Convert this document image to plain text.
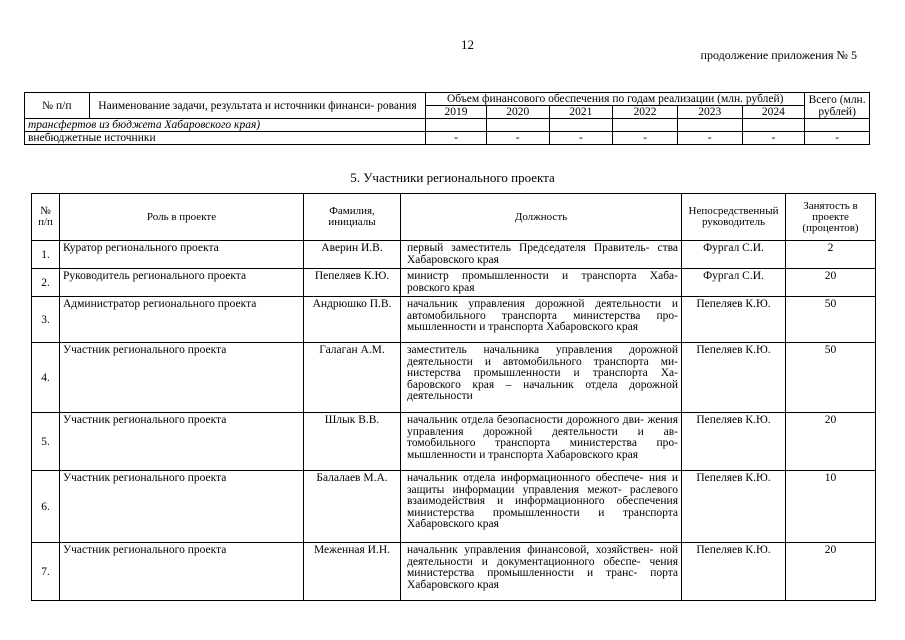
12
продолжение приложения № 5
№ п/п	Наименование задачи, результата и источники финанси- рования	Объем финансового обеспечения по годам реализации (млн. рублей)						Всего (млн. рублей)
		2019	2020	2021	2022	2023	2024	
трансфертов из бюджета Хабаровского края)								
внебюджетные источники		-	-	-	-	-	-	-
5. Участники регионального проекта
№ п/п	Роль в проекте	Фамилия, инициалы	Должность	Непосредственный руководитель	Занятость в проекте (процентов)
1.	Куратор регионального проекта	Аверин И.В.	первый заместитель Председателя Правитель- ства Хабаровского края	Фургал С.И.	2
2.	Руководитель регионального проекта	Пепеляев К.Ю.	министр промышленности и транспорта Хаба- ровского края	Фургал С.И.	20
3.	Администратор регионального проекта	Андрюшко П.В.	начальник управления дорожной деятельности и автомобильного транспорта министерства про- мышленности и транспорта Хабаровского края	Пепеляев К.Ю.	50
4.	Участник регионального проекта	Галаган А.М.	заместитель начальника управления дорожной деятельности и автомобильного транспорта ми- нистерства промышленности и транспорта Ха- баровского края – начальник отдела дорожной деятельности	Пепеляев К.Ю.	50
5.	Участник регионального проекта	Шлык В.В.	начальник отдела безопасности дорожного дви- жения управления дорожной деятельности и ав- томобильного транспорта министерства про- мышленности и транспорта Хабаровского края	Пепеляев К.Ю.	20
6.	Участник регионального проекта	Балалаев М.А.	начальник отдела информационного обеспече- ния и защиты информации управления межот- раслевого взаимодействия и информационного обеспечения министерства промышленности и транспорта Хабаровского края	Пепеляев К.Ю.	10
7.	Участник регионального проекта	Меженная И.Н.	начальник управления финансовой, хозяйствен- ной деятельности и документационного обеспе- чения министерства промышленности и транс- порта Хабаровского края	Пепеляев К.Ю.	20
